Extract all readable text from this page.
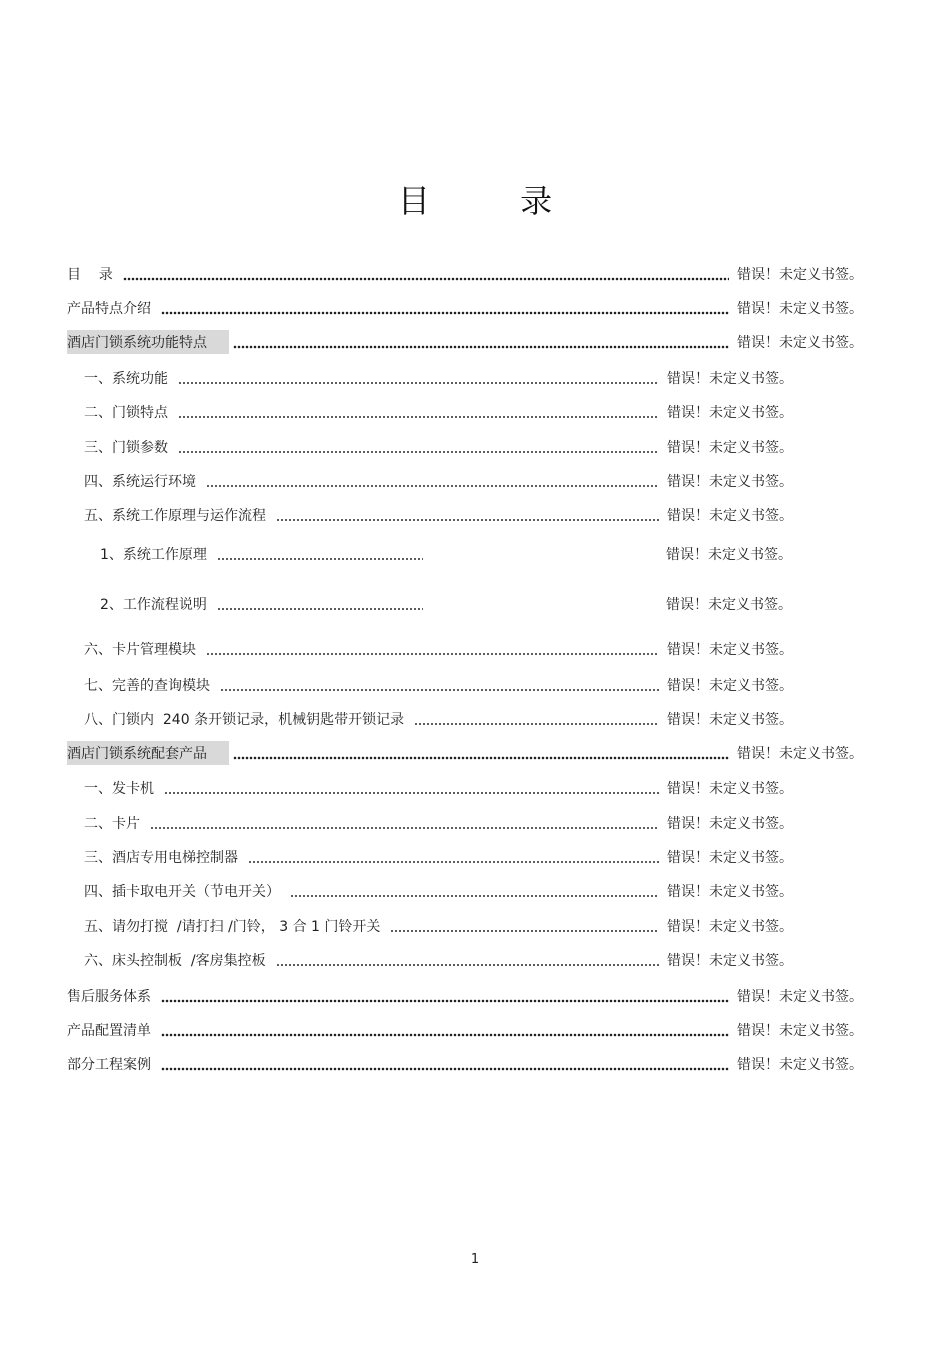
目 录
目    录	错误！未定义书签。
产品特点介绍	错误！未定义书签。
酒店门锁系统功能特点	错误！未定义书签。
一、系统功能	错误！未定义书签。
二、门锁特点	错误！未定义书签。
三、门锁参数	错误！未定义书签。
四、系统运行环境	错误！未定义书签。
五、系统工作原理与运作流程	错误！未定义书签。
1、系统工作原理	错误！未定义书签。
2、工作流程说明	错误！未定义书签。
六、卡片管理模块	错误！未定义书签。
七、完善的查询模块	错误！未定义书签。
八、门锁内  240 条开锁记录，机械钥匙带开锁记录	错误！未定义书签。
酒店门锁系统配套产品	错误！未定义书签。
一、发卡机	错误！未定义书签。
二、卡片	错误！未定义书签。
三、酒店专用电梯控制器	错误！未定义书签。
四、插卡取电开关（节电开关）	错误！未定义书签。
五、请勿打搅  /请打扫 /门铃， 3 合 1 门铃开关	错误！未定义书签。
六、床头控制板  /客房集控板	错误！未定义书签。
售后服务体系	错误！未定义书签。
产品配置清单	错误！未定义书签。
部分工程案例	错误！未定义书签。
1
